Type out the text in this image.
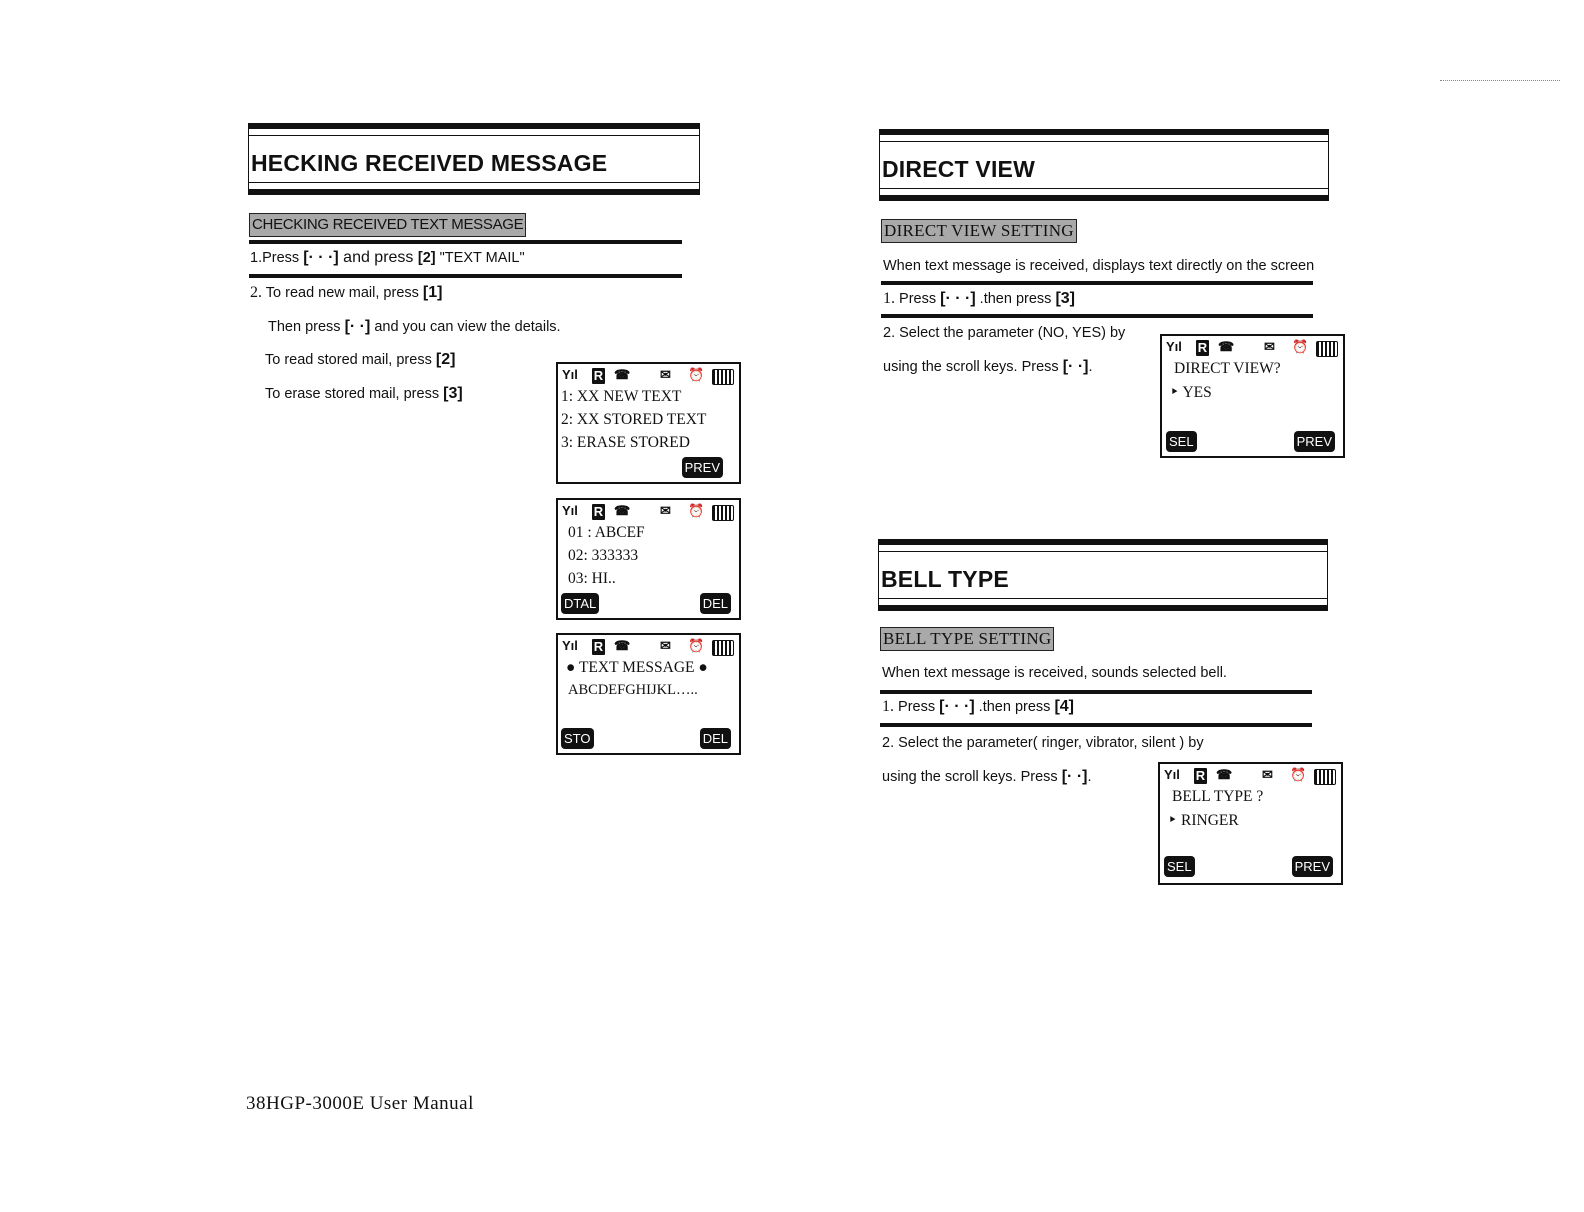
HECKING RECEIVED MESSAGE
CHECKING RECEIVED TEXT MESSAGE
1.Press [· · ·] and press [2] "TEXT MAIL"
2. To read new mail, press [1]
Then press [· ·] and you can view the details.
To read stored mail, press [2]
To erase stored mail, press [3]
Yıl R ☎ ✉ ⏰
1: XX NEW TEXT
2: XX STORED TEXT
3: ERASE STORED
PREV
Yıl R ☎ ✉ ⏰
01 : ABCEF
02: 333333
03: HI..
DTAL	DEL
Yıl R ☎ ✉ ⏰
● TEXT MESSAGE ●
ABCDEFGHIJKL…..
STO	DEL
38HGP-3000E User Manual
DIRECT VIEW
DIRECT VIEW SETTING
When text message is received, displays text directly on the screen
1. Press [· · ·] .then press [3]
2. Select the parameter (NO, YES) by
using the scroll keys. Press [· ·].
Yıl R ☎ ✉ ⏰
DIRECT VIEW?
‣ YES
SEL	PREV
BELL TYPE
BELL TYPE SETTING
When text message is received, sounds selected bell.
1. Press [· · ·] .then press [4]
2. Select the parameter( ringer, vibrator, silent ) by
using the scroll keys. Press [· ·].	Yıl R ☎ ✉ ⏰
BELL TYPE ?
‣ RINGER
SEL	PREV
